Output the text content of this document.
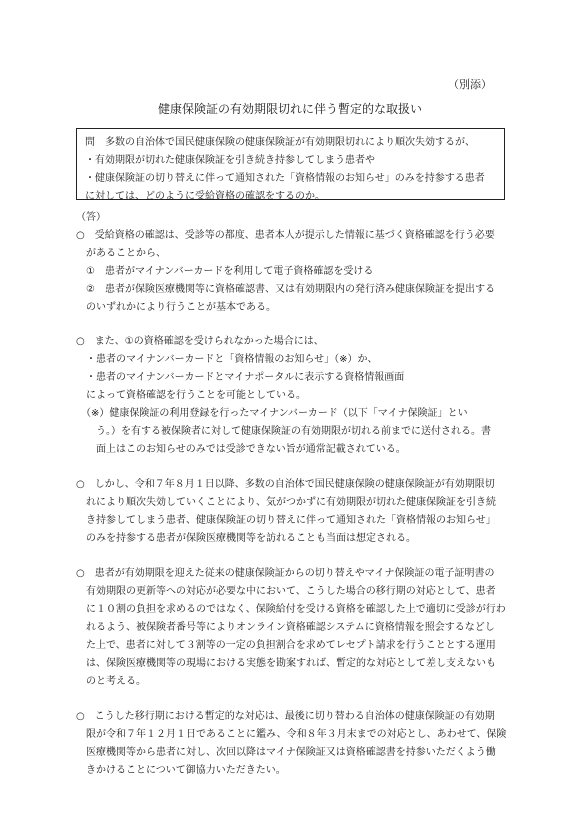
（別添）
健康保険証の有効期限切れに伴う暫定的な取扱い
問　多数の自治体で国民健康保険の健康保険証が有効期限切れにより順次失効するが、
・有効期限が切れた健康保険証を引き続き持参してしまう患者や
・健康保険証の切り替えに伴って通知された「資格情報のお知らせ」のみを持参する患者
に対しては、どのように受給資格の確認をするのか。
（答）
○　受給資格の確認は、受診等の都度、患者本人が提示した情報に基づく資格確認を行う必要
　があることから、
　①　患者がマイナンバーカードを利用して電子資格確認を受ける
　②　患者が保険医療機関等に資格確認書、又は有効期限内の発行済み健康保険証を提出する
　のいずれかにより行うことが基本である。
○　また、①の資格確認を受けられなかった場合には、
　・患者のマイナンバーカードと「資格情報のお知らせ」（※）か、
　・患者のマイナンバーカードとマイナポータルに表示する資格情報画面
　によって資格確認を行うことを可能としている。
　（※）健康保険証の利用登録を行ったマイナンバーカード（以下「マイナ保険証」とい
　　う。）を有する被保険者に対して健康保険証の有効期限が切れる前までに送付される。書
　　面上はこのお知らせのみでは受診できない旨が通常記載されている。
○　しかし、令和７年８月１日以降、多数の自治体で国民健康保険の健康保険証が有効期限切
　れにより順次失効していくことにより、気がつかずに有効期限が切れた健康保険証を引き続
　き持参してしまう患者、健康保険証の切り替えに伴って通知された「資格情報のお知らせ」
　のみを持参する患者が保険医療機関等を訪れることも当面は想定される。
○　患者が有効期限を迎えた従来の健康保険証からの切り替えやマイナ保険証の電子証明書の
　有効期限の更新等への対応が必要な中において、こうした場合の移行期の対応として、患者
　に１０割の負担を求めるのではなく、保険給付を受ける資格を確認した上で適切に受診が行わ
　れるよう、被保険者番号等によりオンライン資格確認システムに資格情報を照会するなどし
　た上で、患者に対して３割等の一定の負担割合を求めてレセプト請求を行うこととする運用
　は、保険医療機関等の現場における実態を勘案すれば、暫定的な対応として差し支えないも
　のと考える。
○　こうした移行期における暫定的な対応は、最後に切り替わる自治体の健康保険証の有効期
　限が令和７年１２月１日であることに鑑み、令和８年３月末までの対応とし、あわせて、保険
　医療機関等から患者に対し、次回以降はマイナ保険証又は資格確認書を持参いただくよう働
　きかけることについて御協力いただきたい。
